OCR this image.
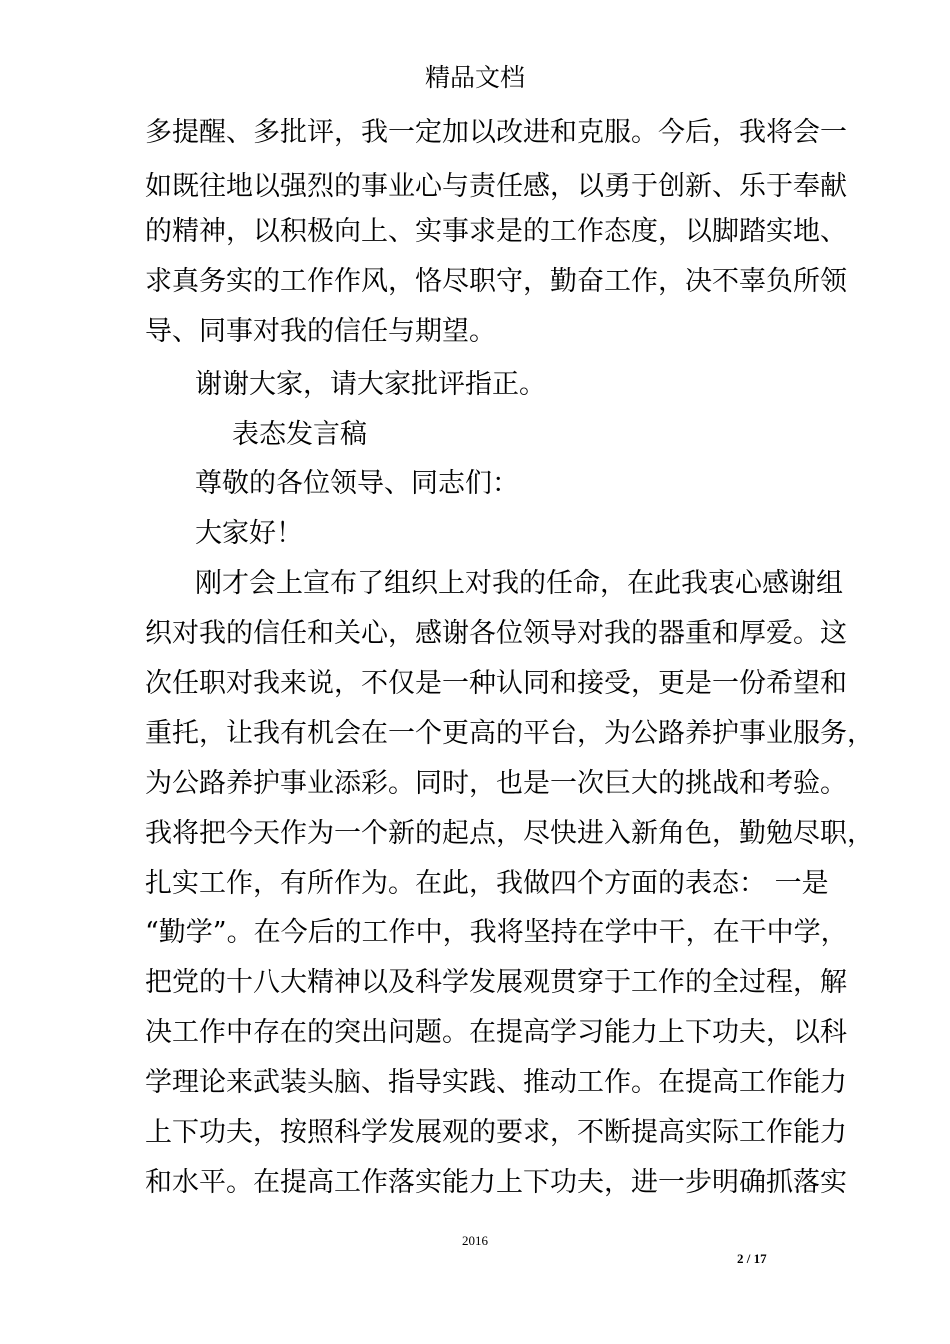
精品文档
多提醒、多批评，我一定加以改进和克服。今后，我将会一
如既往地以强烈的事业心与责任感，以勇于创新、乐于奉献
的精神，以积极向上、实事求是的工作态度，以脚踏实地、
求真务实的工作作风，恪尽职守，勤奋工作，决不辜负所领
导、同事对我的信任与期望。
谢谢大家，请大家批评指正。
表态发言稿
尊敬的各位领导、同志们：
大家好！
刚才会上宣布了组织上对我的任命，在此我衷心感谢组
织对我的信任和关心，感谢各位领导对我的器重和厚爱。这
次任职对我来说，不仅是一种认同和接受，更是一份希望和
重托，让我有机会在一个更高的平台，为公路养护事业服务，
为公路养护事业添彩。同时，也是一次巨大的挑战和考验。
我将把今天作为一个新的起点，尽快进入新角色，勤勉尽职，
扎实工作，有所作为。在此，我做四个方面的表态： 一是
“勤学”。在今后的工作中，我将坚持在学中干，在干中学，
把党的十八大精神以及科学发展观贯穿于工作的全过程，解
决工作中存在的突出问题。在提高学习能力上下功夫，以科
学理论来武装头脑、指导实践、推动工作。在提高工作能力
上下功夫，按照科学发展观的要求，不断提高实际工作能力
和水平。在提高工作落实能力上下功夫，进一步明确抓落实
2016
2 / 17
